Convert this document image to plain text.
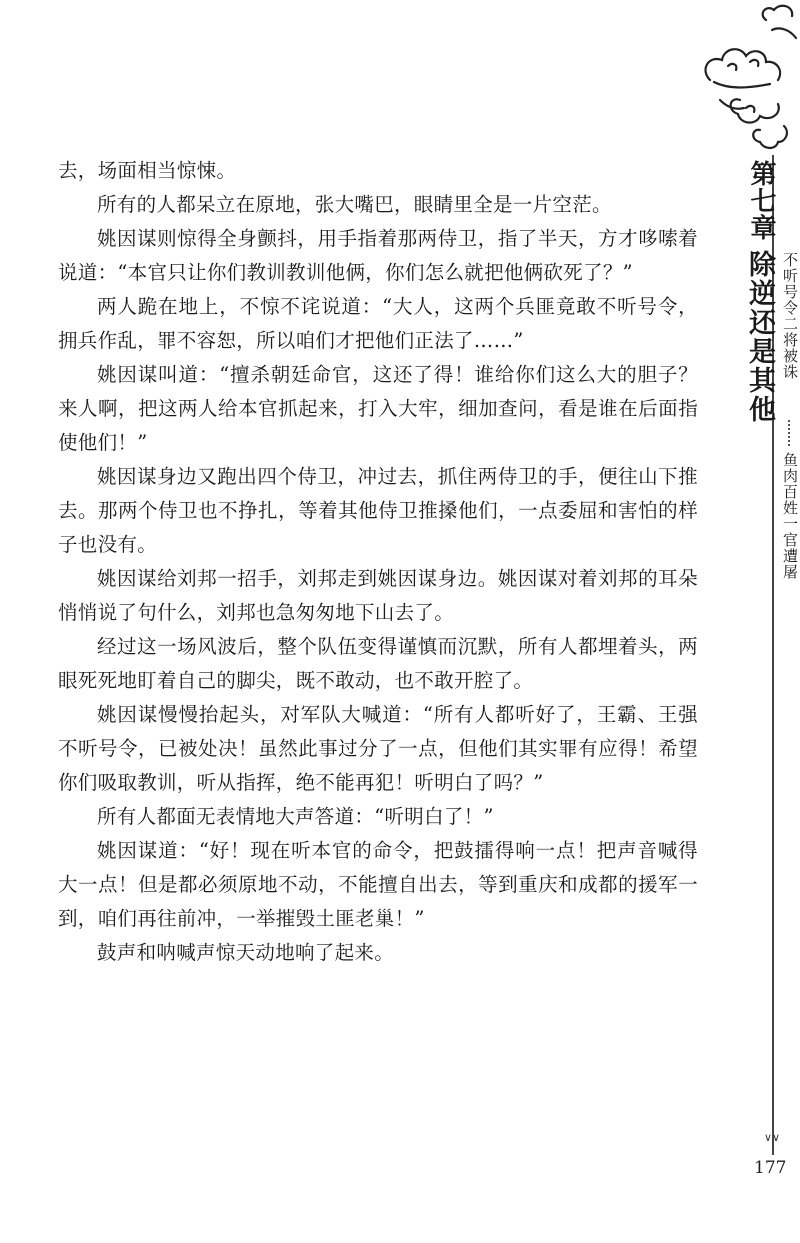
去，场面相当惊悚。

所有的人都呆立在原地，张大嘴巴，眼睛里全是一片空茫。

姚因谋则惊得全身颤抖，用手指着那两侍卫，指了半天，方才哆嗦着说道：“本官只让你们教训教训他俩，你们怎么就把他俩砍死了？”

两人跪在地上，不惊不诧说道：“大人，这两个兵匪竟敢不听号令，拥兵作乱，罪不容恕，所以咱们才把他们正法了……”

姚因谋叫道：“擅杀朝廷命官，这还了得！谁给你们这么大的胆子？来人啊，把这两人给本官抓起来，打入大牢，细加查问，看是谁在后面指使他们！”

姚因谋身边又跑出四个侍卫，冲过去，抓住两侍卫的手，便往山下推去。那两个侍卫也不挣扎，等着其他侍卫推搡他们，一点委屈和害怕的样子也没有。

姚因谋给刘邦一招手，刘邦走到姚因谋身边。姚因谋对着刘邦的耳朵悄悄说了句什么，刘邦也急匆匆地下山去了。

经过这一场风波后，整个队伍变得谨慎而沉默，所有人都埋着头，两眼死死地盯着自己的脚尖，既不敢动，也不敢开腔了。

姚因谋慢慢抬起头，对军队大喊道：“所有人都听好了，王霸、王强不听号令，已被处决！虽然此事过分了一点，但他们其实罪有应得！希望你们吸取教训，听从指挥，绝不能再犯！听明白了吗？”

所有人都面无表情地大声答道：“听明白了！”

姚因谋道：“好！现在听本官的命令，把鼓擂得响一点！把声音喊得大一点！但是都必须原地不动，不能擅自出去，等到重庆和成都的援军一到，咱们再往前冲，一举摧毁土匪老巢！”

鼓声和呐喊声惊天动地响了起来。

第七章
除逆还是其他 不听号令二将被诛
鱼肉百姓一官遭屠
∨∨
177
